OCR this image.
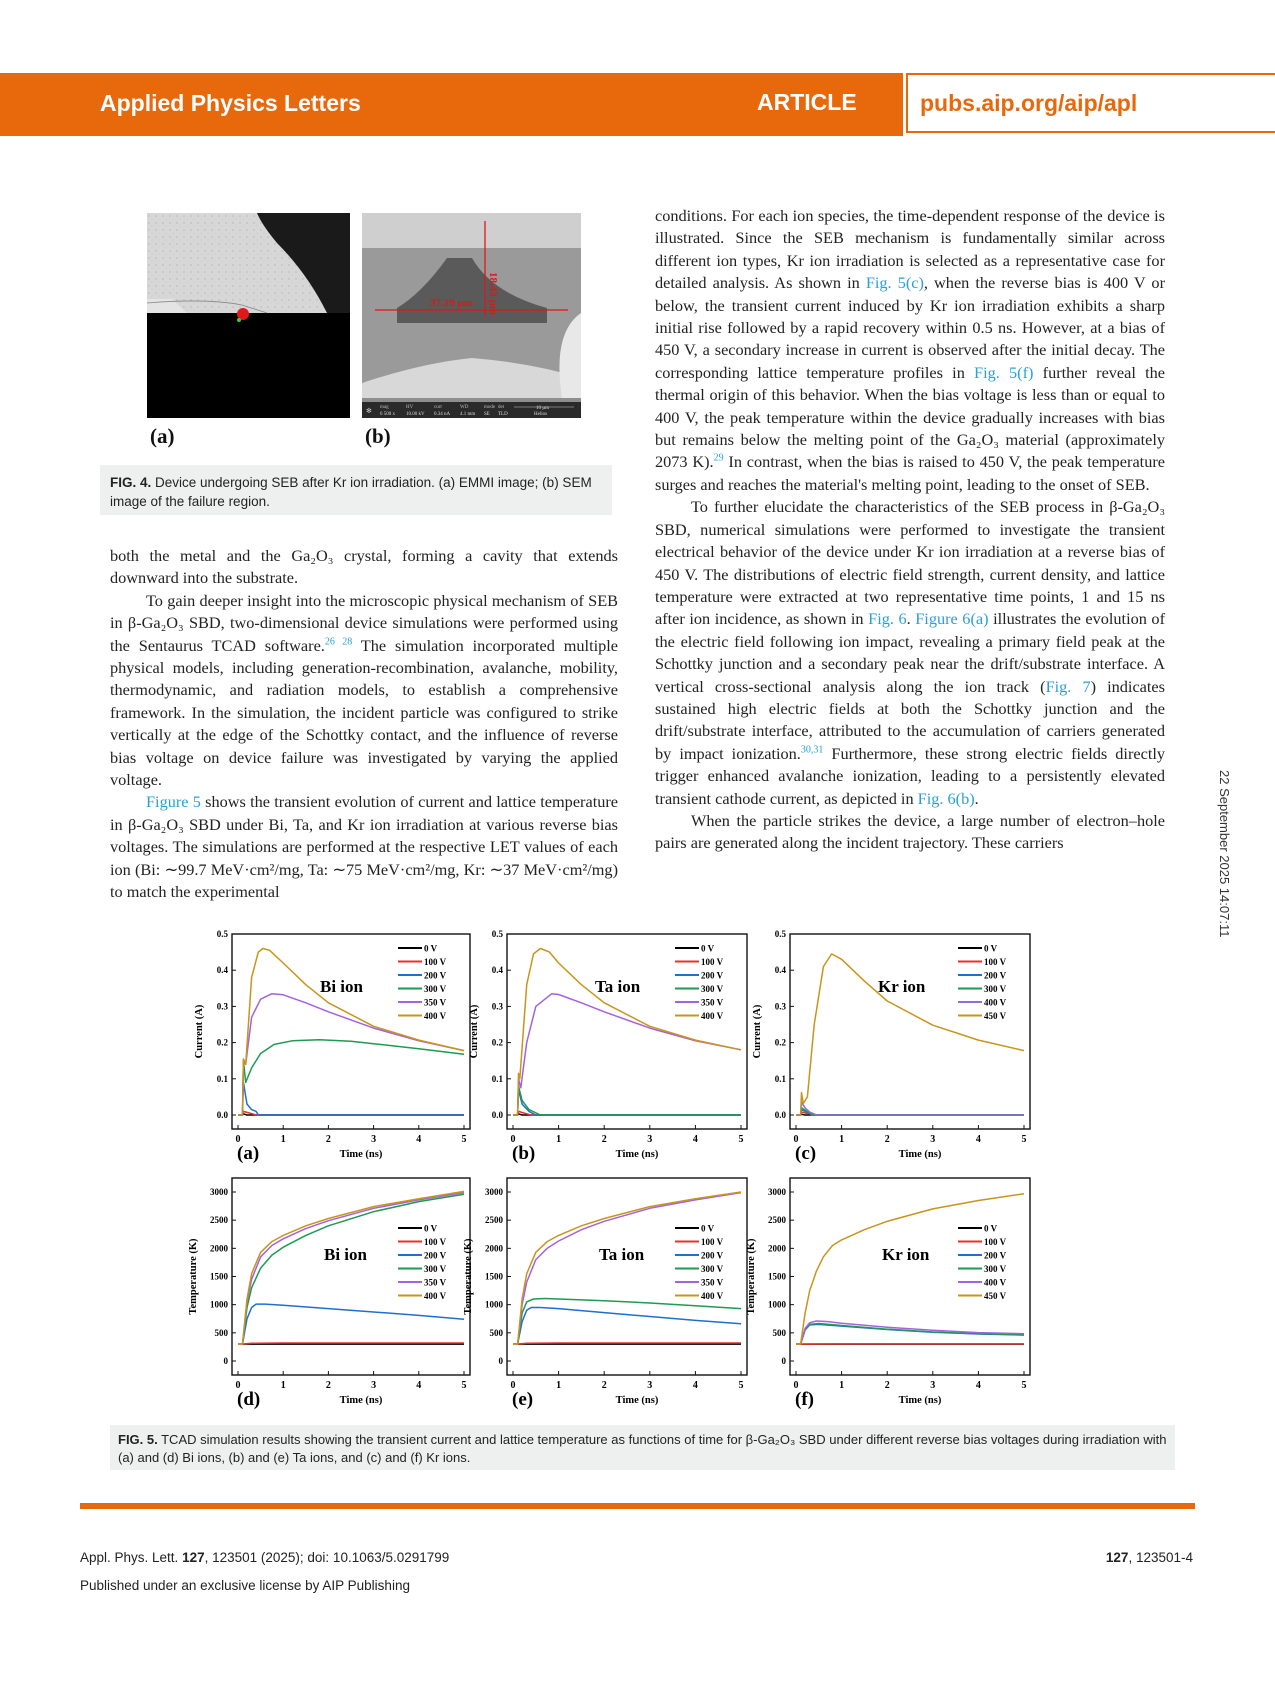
Applied Physics Letters	ARTICLE	pubs.aip.org/aip/apl
22 September 2025 14:07:11
(a)
18.43 µm
37.19 µm
✻ mag
6 500 x
HV
10.00 kV
curr
0.34 nA
WD
4.1 mm
mode
SE
det
TLD
10 µm
Helios
(b)
FIG. 4. Device undergoing SEB after Kr ion irradiation. (a) EMMI image; (b) SEM image of the failure region.

both the metal and the Ga₂O₃ crystal, forming a cavity that extends downward into the substrate.

To gain deeper insight into the microscopic physical mechanism of SEB in β-Ga₂O₃ SBD, two-dimensional device simulations were performed using the Sentaurus TCAD software.$^{26 28}$ The simulation incorporated multiple physical models, including generation-recombination, avalanche, mobility, thermodynamic, and radiation models, to establish a comprehensive framework. In the simulation, the incident particle was configured to strike vertically at the edge of the Schottky contact, and the influence of reverse bias voltage on device failure was investigated by varying the applied voltage.

Figure 5 shows the transient evolution of current and lattice temperature in β-Ga₂O₃ SBD under Bi, Ta, and Kr ion irradiation at various reverse bias voltages. The simulations are performed at the respective LET values of each ion (Bi: ∼99.7 MeV·cm²/mg, Ta: ∼75 MeV·cm²/mg, Kr: ∼37 MeV·cm²/mg) to match the experimental

conditions. For each ion species, the time-dependent response of the device is illustrated. Since the SEB mechanism is fundamentally similar across different ion types, Kr ion irradiation is selected as a representative case for detailed analysis. As shown in Fig. 5(c), when the reverse bias is 400 V or below, the transient current induced by Kr ion irradiation exhibits a sharp initial rise followed by a rapid recovery within 0.5 ns. However, at a bias of 450 V, a secondary increase in current is observed after the initial decay. The corresponding lattice temperature profiles in Fig. 5(f) further reveal the thermal origin of this behavior. When the bias voltage is less than or equal to 400 V, the peak temperature within the device gradually increases with bias but remains below the melting point of the Ga₂O₃ material (approximately 2073 K).$^{29}$ In contrast, when the bias is raised to 450 V, the peak temperature surges and reaches the material's melting point, leading to the onset of SEB.

To further elucidate the characteristics of the SEB process in β-Ga₂O₃ SBD, numerical simulations were performed to investigate the transient electrical behavior of the device under Kr ion irradiation at a reverse bias of 450 V. The distributions of electric field strength, current density, and lattice temperature were extracted at two representative time points, 1 and 15 ns after ion incidence, as shown in Fig. 6. Figure 6(a) illustrates the evolution of the electric field following ion impact, revealing a primary field peak at the Schottky junction and a secondary peak near the drift/substrate interface. A vertical cross-sectional analysis along the ion track (Fig. 7) indicates sustained high electric fields at both the Schottky junction and the drift/substrate interface, attributed to the accumulation of carriers generated by impact ionization.$^{30,31}$ Furthermore, these strong electric fields directly trigger enhanced avalanche ionization, leading to a persistently elevated transient cathode current, as depicted in Fig. 6(b).

When the particle strikes the device, a large number of electron–hole pairs are generated along the incident trajectory. These carriers

0	1	2	3	4	5
0.0
0.1
0.2
0.3
0.4
0.5
Time (ns)
Current (A)
(a)
Bi ion
0 V
100 V
200 V
300 V
350 V
400 V
0	1	2	3	4	5
0.0
0.1
0.2
0.3
0.4
0.5
Time (ns)
Current (A)
(b)
Ta ion
0 V
100 V
200 V
300 V
350 V
400 V
0	1	2	3	4	5
0.0
0.1
0.2
0.3
0.4
0.5
Time (ns)
Current (A)
(c)
Kr ion
0 V
100 V
200 V
300 V
400 V
450 V
0	1	2	3	4	5
0
500
1000
1500
2000
2500
3000
Time (ns)
Temperature (K)
(d)
Bi ion
0 V
100 V
200 V
300 V
350 V
400 V
0	1	2	3	4	5
0
500
1000
1500
2000
2500
3000
Time (ns)
Temperature (K)
(e)
Ta ion
0 V
100 V
200 V
300 V
350 V
400 V
0	1	2	3	4	5
0
500
1000
1500
2000
2500
3000
Time (ns)
Temperature (K)
(f)
Kr ion
0 V
100 V
200 V
300 V
400 V
450 V
FIG. 5. TCAD simulation results showing the transient current and lattice temperature as functions of time for β-Ga₂O₃ SBD under different reverse bias voltages during irradiation with (a) and (d) Bi ions, (b) and (e) Ta ions, and (c) and (f) Kr ions.
Appl. Phys. Lett. 127, 123501 (2025); doi: 10.1063/5.0291799	127, 123501-4
Published under an exclusive license by AIP Publishing
